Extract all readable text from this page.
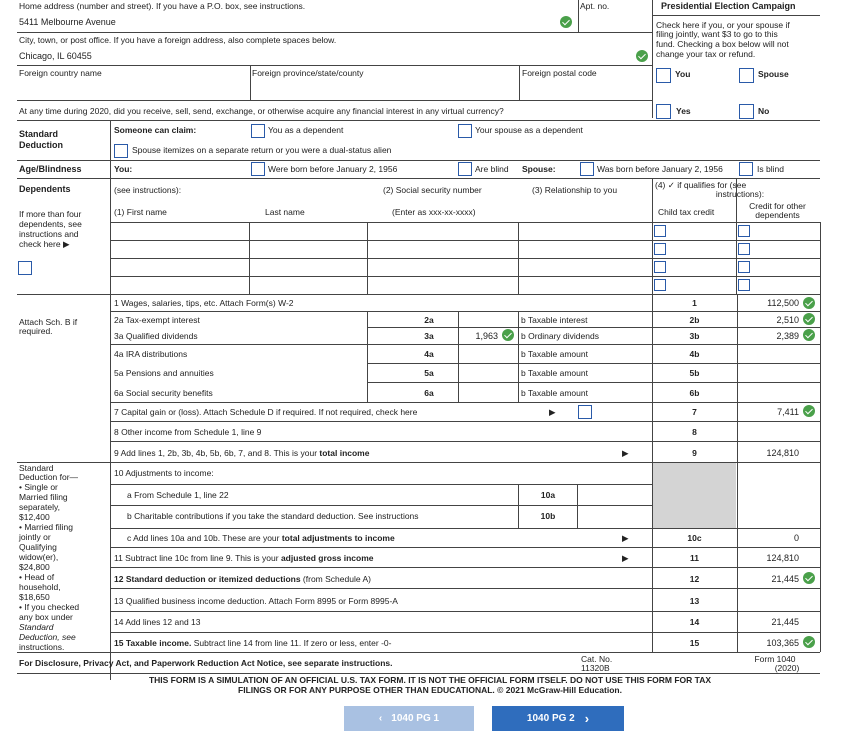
Home address (number and street). If you have a P.O. box, see instructions.	Apt. no.
5411 Melbourne Avenue
City, town, or post office. If you have a foreign address, also complete spaces below.
Chicago, IL 60455
Foreign country name	Foreign province/state/county	Foreign postal code
Presidential Election Campaign
Check here if you, or your spouse if
filing jointly, want $3 to go to this
fund. Checking a box below will not
change your tax or refund.
You	Spouse
At any time during 2020, did you receive, sell, send, exchange, or otherwise acquire any financial interest in any virtual currency?	Yes	No
Standard
Deduction
Someone can claim:	You as a dependent	Your spouse as a dependent
Spouse itemizes on a separate return or you were a dual-status alien
Age/Blindness	You:	Were born before January 2, 1956	Are blind Spouse:	Was born before January 2, 1956	Is blind
Dependents	(see instructions):	(2) Social security number	(3) Relationship to you	(4) ✓ if qualifies for (see
instructions):
(1) First name	Last name	(Enter as xxx-xx-xxxx)	Child tax credit
Credit for other
dependents
If more than four
dependents, see
instructions and
check here ▶
1 Wages, salaries, tips, etc. Attach Form(s) W-2	1	112,500
Attach Sch. B if
required.
2a Tax-exempt interest	2a	b Taxable interest	2b	2,510
3a Qualified dividends	3a	1,963	b Ordinary dividends	3b	2,389
4a IRA distributions	4a	b Taxable amount	4b
5a Pensions and annuities	5a	b Taxable amount	5b
6a Social security benefits	6a	b Taxable amount	6b
7 Capital gain or (loss). Attach Schedule D if required. If not required, check here	▶	7	7,411
8 Other income from Schedule 1, line 9	8
9 Add lines 1, 2b, 3b, 4b, 5b, 6b, 7, and 8. This is your total income	▶	9	124,810
Standard
Deduction for—
• Single or
Married filing
separately,
$12,400
• Married filing
jointly or
Qualifying
widow(er),
$24,800
• Head of
household,
$18,650
• If you checked
any box under
Standard
Deduction, see
instructions.
10 Adjustments to income:
a From Schedule 1, line 22	10a
b Charitable contributions if you take the standard deduction. See instructions	10b
c Add lines 10a and 10b. These are your total adjustments to income	▶	10c	0
11 Subtract line 10c from line 9. This is your adjusted gross income	▶	11	124,810
12 Standard deduction or itemized deductions (from Schedule A)	12	21,445
13 Qualified business income deduction. Attach Form 8995 or Form 8995-A	13
14 Add lines 12 and 13	14	21,445
15 Taxable income. Subtract line 14 from line 11. If zero or less, enter -0-	15	103,365
For Disclosure, Privacy Act, and Paperwork Reduction Act Notice, see separate instructions.	Cat. No.
11320B
Form 1040
(2020)
THIS FORM IS A SIMULATION OF AN OFFICIAL U.S. TAX FORM. IT IS NOT THE OFFICIAL FORM ITSELF. DO NOT USE THIS FORM FOR TAX
FILINGS OR FOR ANY PURPOSE OTHER THAN EDUCATIONAL. © 2021 McGraw-Hill Education.
‹ 1040 PG 1	1040 PG 2 ›
